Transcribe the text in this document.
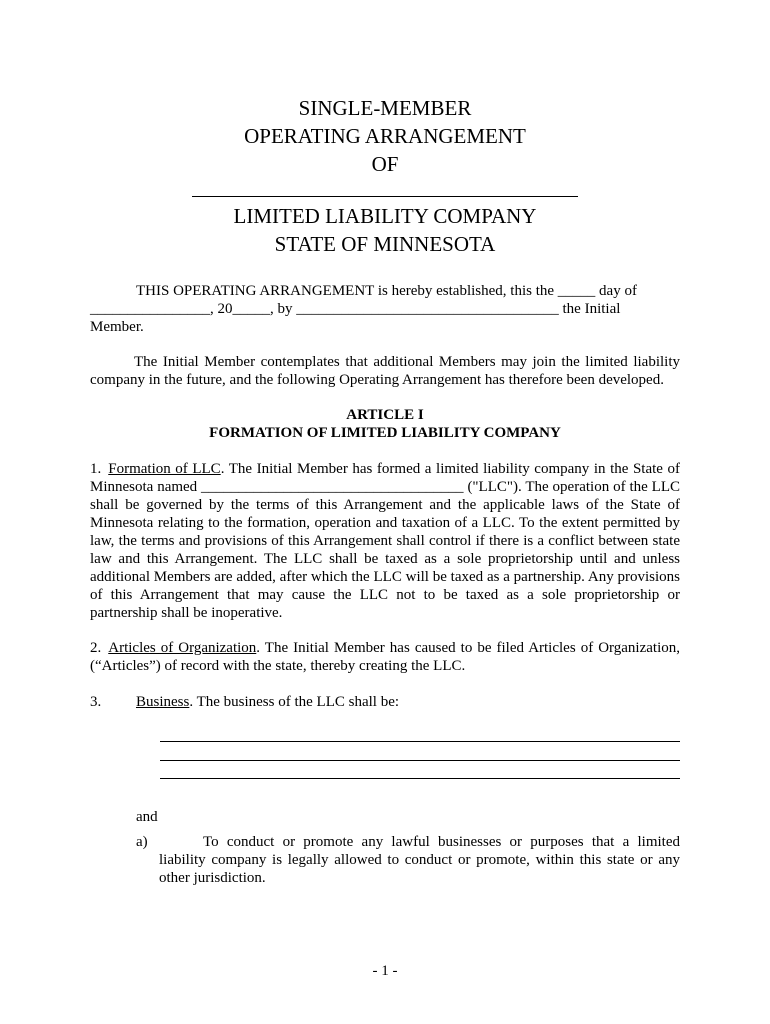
SINGLE-MEMBER
OPERATING ARRANGEMENT
OF
LIMITED LIABILITY COMPANY
STATE OF MINNESOTA
THIS OPERATING ARRANGEMENT is hereby established, this the _____ day of
________________, 20_____, by ___________________________________ the Initial
Member.
The Initial Member contemplates that additional Members may join the limited liability company in the future, and the following Operating Arrangement has therefore been developed.
ARTICLE I
FORMATION OF LIMITED LIABILITY COMPANY
1. Formation of LLC. The Initial Member has formed a limited liability company in the State of Minnesota named ___________________________________ ("LLC"). The operation of the LLC shall be governed by the terms of this Arrangement and the applicable laws of the State of Minnesota relating to the formation, operation and taxation of a LLC. To the extent permitted by law, the terms and provisions of this Arrangement shall control if there is a conflict between state law and this Arrangement. The LLC shall be taxed as a sole proprietorship until and unless additional Members are added, after which the LLC will be taxed as a partnership. Any provisions of this Arrangement that may cause the LLC not to be taxed as a sole proprietorship or partnership shall be inoperative.
2. Articles of Organization. The Initial Member has caused to be filed Articles of Organization, (“Articles”) of record with the state, thereby creating the LLC.
3. Business. The business of the LLC shall be:
and
a)	To conduct or promote any lawful businesses or purposes that a limited liability company is legally allowed to conduct or promote, within this state or any other jurisdiction.
- 1 -
